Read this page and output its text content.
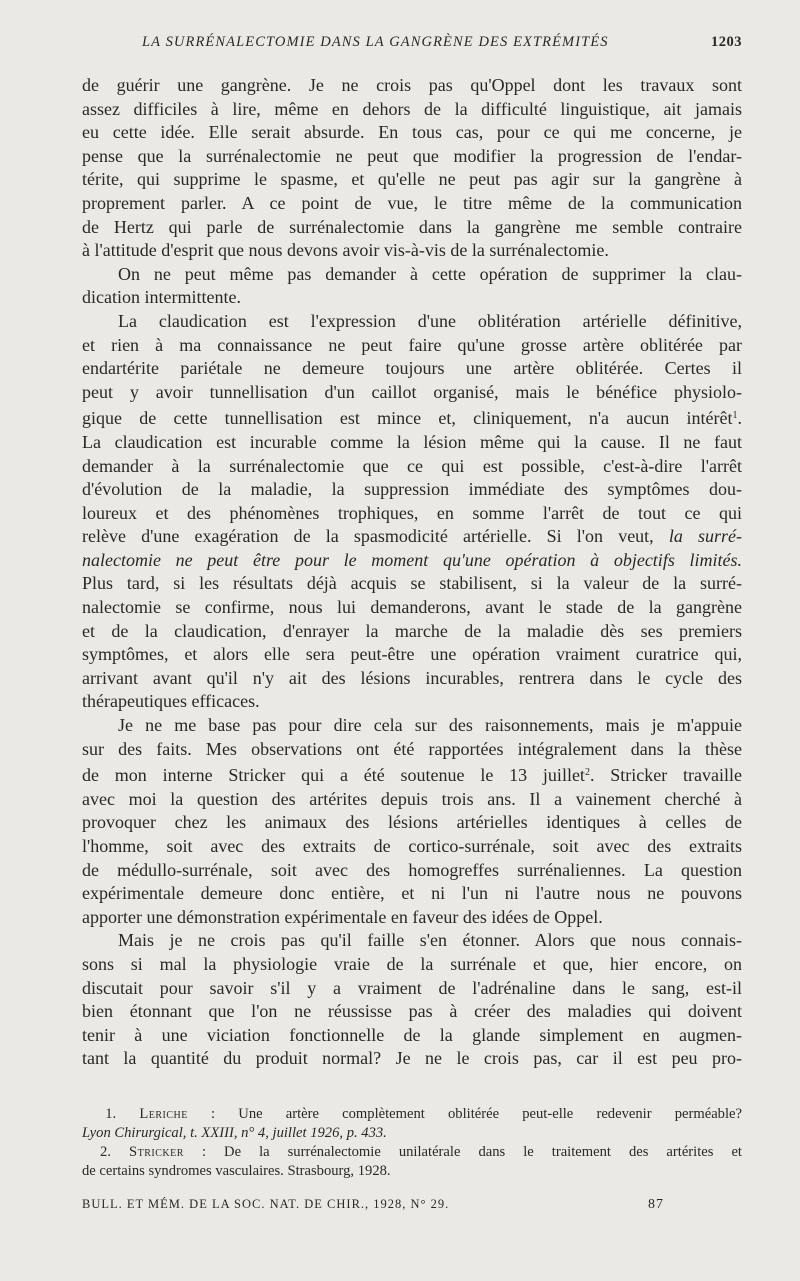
LA SURRÉNALECTOMIE DANS LA GANGRÈNE DES EXTRÉMITÉS	1203
de guérir une gangrène. Je ne crois pas qu'Oppel dont les travaux sont
assez difficiles à lire, même en dehors de la difficulté linguistique, ait jamais
eu cette idée. Elle serait absurde. En tous cas, pour ce qui me concerne, je
pense que la surrénalectomie ne peut que modifier la progression de l'endar-
térite, qui supprime le spasme, et qu'elle ne peut pas agir sur la gangrène à
proprement parler. A ce point de vue, le titre même de la communication
de Hertz qui parle de surrénalectomie dans la gangrène me semble contraire
à l'attitude d'esprit que nous devons avoir vis-à-vis de la surrénalectomie.
On ne peut même pas demander à cette opération de supprimer la clau-
dication intermittente.
La claudication est l'expression d'une oblitération artérielle définitive,
et rien à ma connaissance ne peut faire qu'une grosse artère oblitérée par
endartérite pariétale ne demeure toujours une artère oblitérée. Certes il
peut y avoir tunnellisation d'un caillot organisé, mais le bénéfice physiolo-
gique de cette tunnellisation est mince et, cliniquement, n'a aucun intérêt$^1$.
La claudication est incurable comme la lésion même qui la cause. Il ne faut
demander à la surrénalectomie que ce qui est possible, c'est-à-dire l'arrêt
d'évolution de la maladie, la suppression immédiate des symptômes dou-
loureux et des phénomènes trophiques, en somme l'arrêt de tout ce qui
relève d'une exagération de la spasmodicité artérielle. Si l'on veut, la surré-
nalectomie ne peut être pour le moment qu'une opération à objectifs limités.
Plus tard, si les résultats déjà acquis se stabilisent, si la valeur de la surré-
nalectomie se confirme, nous lui demanderons, avant le stade de la gangrène
et de la claudication, d'enrayer la marche de la maladie dès ses premiers
symptômes, et alors elle sera peut-être une opération vraiment curatrice qui,
arrivant avant qu'il n'y ait des lésions incurables, rentrera dans le cycle des
thérapeutiques efficaces.
Je ne me base pas pour dire cela sur des raisonnements, mais je m'appuie
sur des faits. Mes observations ont été rapportées intégralement dans la thèse
de mon interne Stricker qui a été soutenue le 13 juillet$^2$. Stricker travaille
avec moi la question des artérites depuis trois ans. Il a vainement cherché à
provoquer chez les animaux des lésions artérielles identiques à celles de
l'homme, soit avec des extraits de cortico-surrénale, soit avec des extraits
de médullo-surrénale, soit avec des homogreffes surrénaliennes. La question
expérimentale demeure donc entière, et ni l'un ni l'autre nous ne pouvons
apporter une démonstration expérimentale en faveur des idées de Oppel.
Mais je ne crois pas qu'il faille s'en étonner. Alors que nous connais-
sons si mal la physiologie vraie de la surrénale et que, hier encore, on
discutait pour savoir s'il y a vraiment de l'adrénaline dans le sang, est-il
bien étonnant que l'on ne réussisse pas à créer des maladies qui doivent
tenir à une viciation fonctionnelle de la glande simplement en augmen-
tant la quantité du produit normal? Je ne le crois pas, car il est peu pro-
1. Leriche : Une artère complètement oblitérée peut-elle redevenir perméable?
Lyon Chirurgical, t. XXIII, n° 4, juillet 1926, p. 433.
2. Stricker : De la surrénalectomie unilatérale dans le traitement des artérites et
de certains syndromes vasculaires. Strasbourg, 1928.
BULL. ET MÉM. DE LA SOC. NAT. DE CHIR., 1928, N° 29.	87
